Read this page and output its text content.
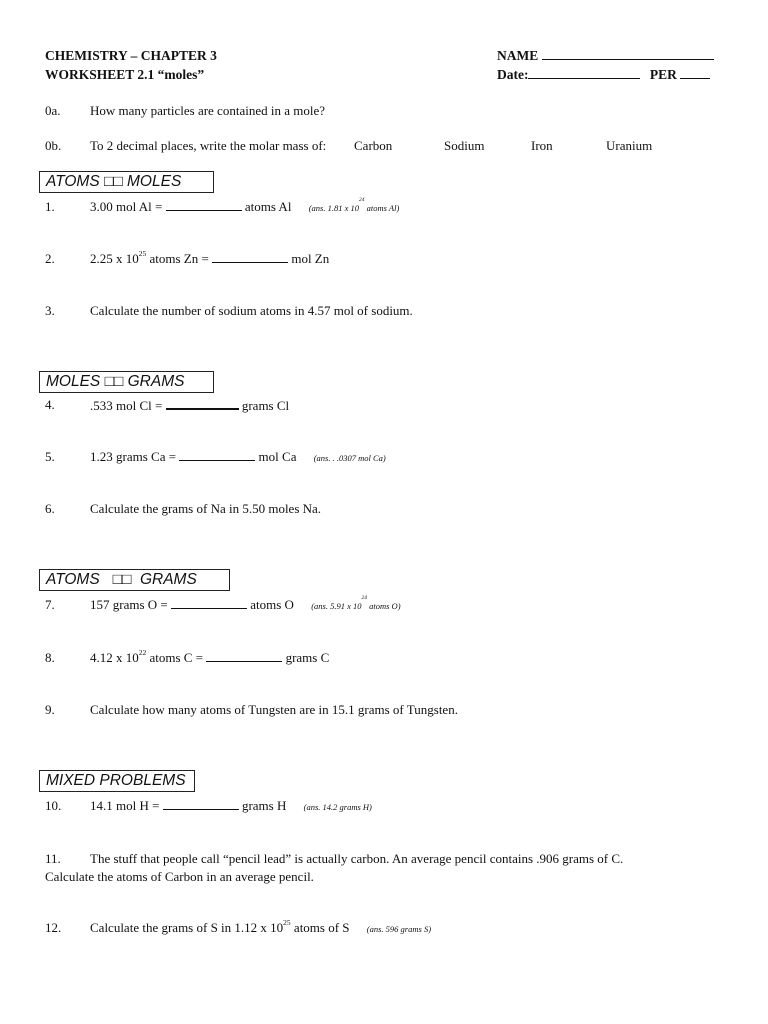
CHEMISTRY – CHAPTER 3
WORKSHEET 2.1 “moles”
NAME
Date:	PER
0a. How many particles are contained in a mole?
0b. To 2 decimal places, write the molar mass of: Carbon	Sodium	Iron	Uranium
ATOMS □□ MOLES
1.	3.00 mol Al =	atoms Al (ans. 1.81 x $10^{24}$ atoms Al)
2.	2.25 x $10^{25}$ atoms Zn =	mol Zn
3.	Calculate the number of sodium atoms in 4.57 mol of sodium.
MOLES □□ GRAMS
4.	.533 mol Cl =	grams Cl
5.	1.23 grams Ca =	mol Ca (ans. . .0307 mol Ca)
6.	Calculate the grams of Na in 5.50 moles Na.
ATOMS   □□  GRAMS
7.	157 grams O =	atoms O (ans. 5.91 x $10^{24}$ atoms O)
8.	4.12 x $10^{22}$ atoms C =	grams C
9.	Calculate how many atoms of Tungsten are in 15.1 grams of Tungsten.
MIXED PROBLEMS
10. 14.1 mol H =	grams H (ans. 14.2 grams H)
11. The stuff that people call “pencil lead” is actually carbon. An average pencil contains .906 grams of C.
Calculate the atoms of Carbon in an average pencil.
12. Calculate the grams of S in 1.12 x $10^{25}$ atoms of S (ans. 596 grams S)
